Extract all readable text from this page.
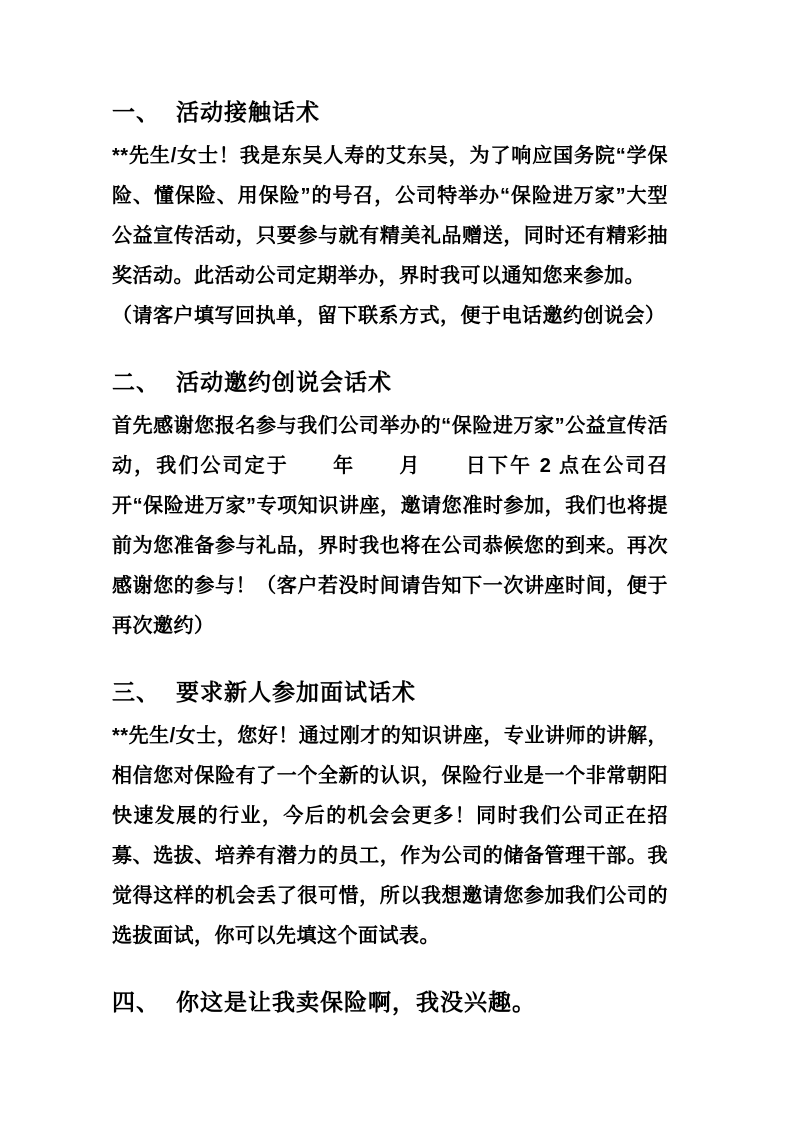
一、 活动接触话术

**先生/女士！我是东吴人寿的艾东吴，为了响应国务院“学保险、懂保险、用保险”的号召，公司特举办“保险进万家”大型公益宣传活动，只要参与就有精美礼品赠送，同时还有精彩抽奖活动。此活动公司定期举办，界时我可以通知您来参加。

（请客户填写回执单，留下联系方式，便于电话邀约创说会）

二、 活动邀约创说会话术

首先感谢您报名参与我们公司举办的“保险进万家”公益宣传活动，我们公司定于　　年　　月　　日下午 2 点在公司召开“保险进万家”专项知识讲座，邀请您准时参加，我们也将提前为您准备参与礼品，界时我也将在公司恭候您的到来。再次感谢您的参与！（客户若没时间请告知下一次讲座时间，便于再次邀约）

三、 要求新人参加面试话术

**先生/女士，您好！通过刚才的知识讲座，专业讲师的讲解，相信您对保险有了一个全新的认识，保险行业是一个非常朝阳快速发展的行业，今后的机会会更多！同时我们公司正在招募、选拔、培养有潜力的员工，作为公司的储备管理干部。我觉得这样的机会丢了很可惜，所以我想邀请您参加我们公司的选拔面试，你可以先填这个面试表。

四、 你这是让我卖保险啊，我没兴趣。
